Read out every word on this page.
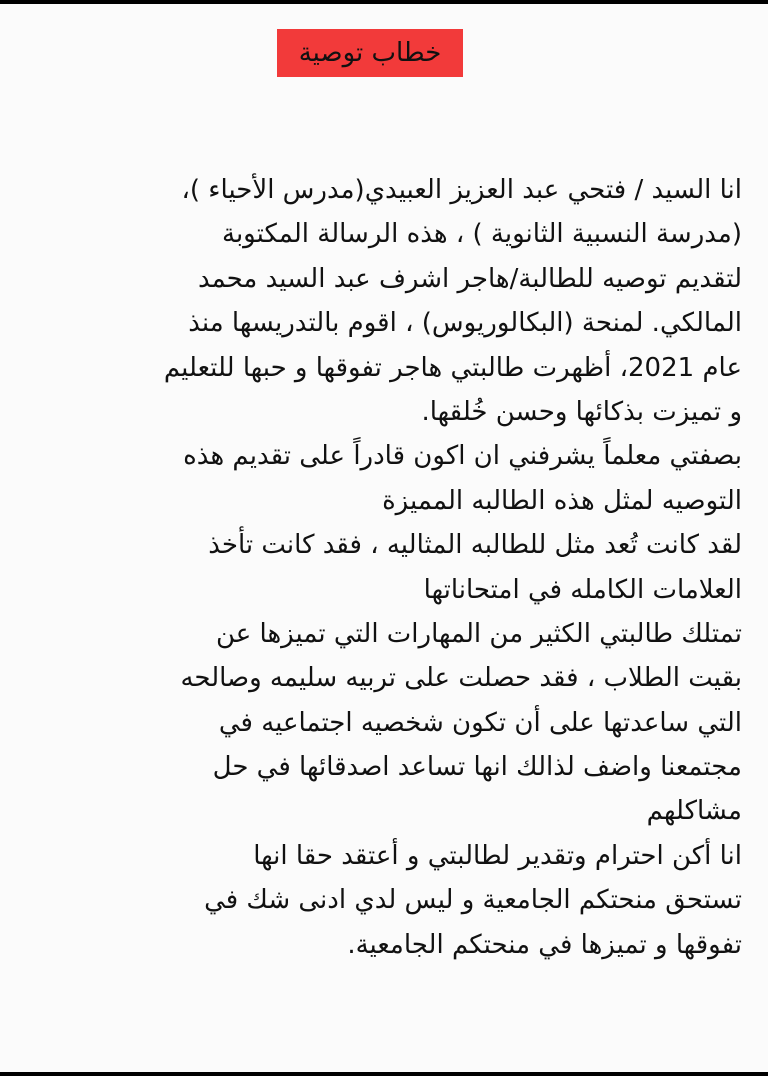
خطاب توصية
انا السيد / فتحي عبد العزيز العبيدي(مدرس الأحياء )،
(مدرسة النسبية الثانوية ) ، هذه الرسالة المكتوبة
لتقديم توصيه للطالبة/هاجر اشرف عبد السيد محمد
المالكي. لمنحة (البكالوريوس) ، اقوم بالتدريسها منذ
عام 2021، أظهرت طالبتي هاجر تفوقها و حبها للتعليم
و تميزت بذكائها وحسن خُلقها.
بصفتي معلماً يشرفني ان اكون قادراً على تقديم هذه
التوصيه لمثل هذه الطالبه المميزة
لقد كانت تُعد مثل للطالبه المثاليه ، فقد كانت تأخذ
العلامات الكامله في امتحاناتها
تمتلك طالبتي الكثير من المهارات التي تميزها عن
بقيت الطلاب ، فقد حصلت على تربيه سليمه وصالحه
التي ساعدتها على أن تكون شخصيه اجتماعيه في
مجتمعنا واضف لذالك انها تساعد اصدقائها في حل
مشاكلهم
انا أكن احترام وتقدير لطالبتي و أعتقد حقا انها
تستحق منحتكم الجامعية و ليس لدي ادنى شك في
تفوقها و تميزها في منحتكم الجامعية.
